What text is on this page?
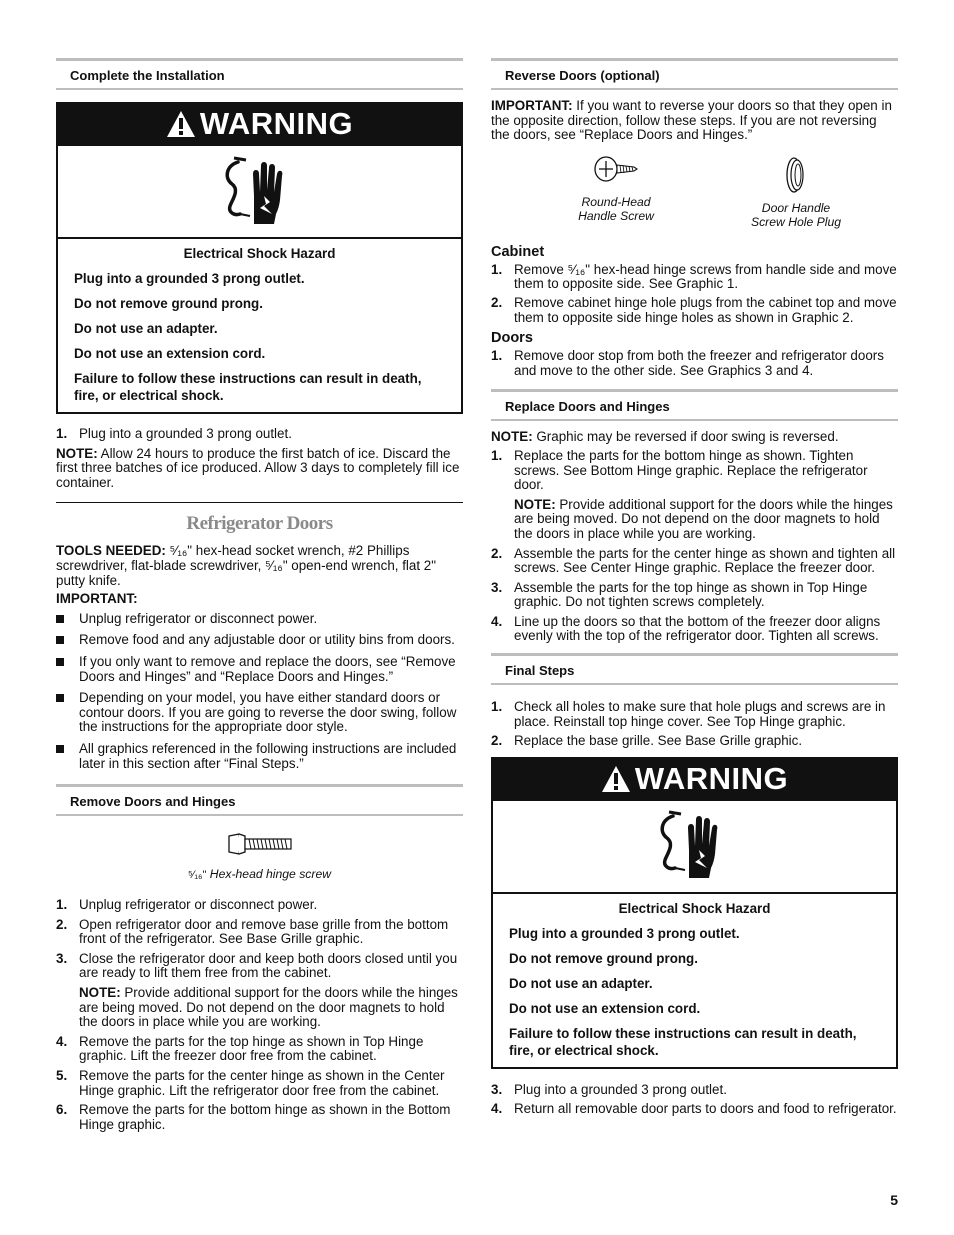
Complete the Installation
WARNING

Electrical Shock Hazard

Plug into a grounded 3 prong outlet.

Do not remove ground prong.

Do not use an adapter.

Do not use an extension cord.

Failure to follow these instructions can result in death, fire, or electrical shock.

1. Plug into a grounded 3 prong outlet.

NOTE: Allow 24 hours to produce the first batch of ice. Discard the first three batches of ice produced. Allow 3 days to completely fill ice container.

Refrigerator Doors

TOOLS NEEDED: ⁵⁄₁₆" hex-head socket wrench, #2 Phillips screwdriver, flat-blade screwdriver, ⁵⁄₁₆" open-end wrench, flat 2" putty knife.

IMPORTANT:

Unplug refrigerator or disconnect power.
Remove food and any adjustable door or utility bins from doors.
If you only want to remove and replace the doors, see “Remove Doors and Hinges” and “Replace Doors and Hinges.”
Depending on your model, you have either standard doors or contour doors. If you are going to reverse the door swing, follow the instructions for the appropriate door style.
All graphics referenced in the following instructions are included later in this section after “Final Steps.”
Remove Doors and Hinges
⁵⁄₁₆" Hex-head hinge screw
1. Unplug refrigerator or disconnect power.
2. Open refrigerator door and remove base grille from the bottom front of the refrigerator. See Base Grille graphic.
3. Close the refrigerator door and keep both doors closed until you are ready to lift them free from the cabinet.

NOTE: Provide additional support for the doors while the hinges are being moved. Do not depend on the door magnets to hold the doors in place while you are working.

4. Remove the parts for the top hinge as shown in Top Hinge graphic. Lift the freezer door free from the cabinet.
5. Remove the parts for the center hinge as shown in the Center Hinge graphic. Lift the refrigerator door free from the cabinet.
6. Remove the parts for the bottom hinge as shown in the Bottom Hinge graphic.
Reverse Doors (optional)

IMPORTANT: If you want to reverse your doors so that they open in the opposite direction, follow these steps. If you are not reversing the doors, see “Replace Doors and Hinges.”

Round-Head
Handle Screw
Door Handle
Screw Hole Plug
Cabinet
1. Remove ⁵⁄₁₆" hex-head hinge screws from handle side and move them to opposite side. See Graphic 1.
2. Remove cabinet hinge hole plugs from the cabinet top and move them to opposite side hinge holes as shown in Graphic 2.
Doors
1. Remove door stop from both the freezer and refrigerator doors and move to the other side. See Graphics 3 and 4.
Replace Doors and Hinges

NOTE: Graphic may be reversed if door swing is reversed.

1. Replace the parts for the bottom hinge as shown. Tighten screws. See Bottom Hinge graphic. Replace the refrigerator door.

NOTE: Provide additional support for the doors while the hinges are being moved. Do not depend on the door magnets to hold the doors in place while you are working.

2. Assemble the parts for the center hinge as shown and tighten all screws. See Center Hinge graphic. Replace the freezer door.
3. Assemble the parts for the top hinge as shown in Top Hinge graphic. Do not tighten screws completely.
4. Line up the doors so that the bottom of the freezer door aligns evenly with the top of the refrigerator door. Tighten all screws.
Final Steps
1. Check all holes to make sure that hole plugs and screws are in place. Reinstall top hinge cover. See Top Hinge graphic.
2. Replace the base grille. See Base Grille graphic.
WARNING

Electrical Shock Hazard

Plug into a grounded 3 prong outlet.

Do not remove ground prong.

Do not use an adapter.

Do not use an extension cord.

Failure to follow these instructions can result in death, fire, or electrical shock.

3. Plug into a grounded 3 prong outlet.
4. Return all removable door parts to doors and food to refrigerator.
5
